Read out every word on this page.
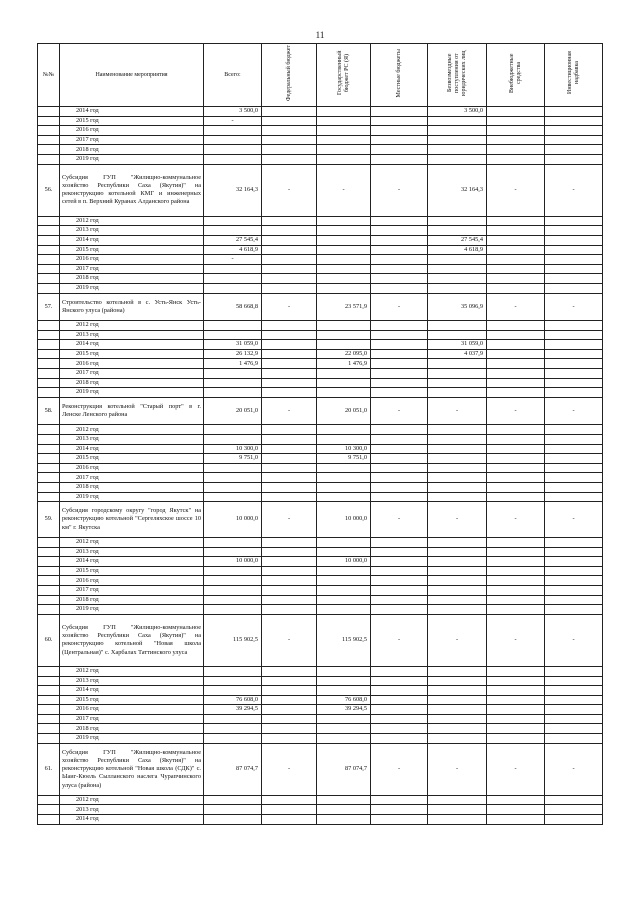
11
№№	Наименование мероприятия	Всего:	Федеральный бюджет	Государственный бюджет РС (Я)	Местные бюджеты	Безвозмездные поступления от юридических лиц	Внебюджетные средства	Инвестиционная надбавка
	2014 год	3 500,0				3 500,0		
	2015 год	-						
	2016 год							
	2017 год							
	2018 год							
	2019 год							
56.	Субсидия ГУП "Жилищно-коммунальное хозяйство Республики Саха (Якутия)" на реконструкцию котельной КМГ и инженерных сетей в п. Верхний Куранах Алданского района	32 164,3	-	-	-	32 164,3	-	-
	2012 год							
	2013 год							
	2014 год	27 545,4				27 545,4		
	2015 год	4 618,9				4 618,9		
	2016 год	-						
	2017 год							
	2018 год							
	2019 год							
57.	Строительство котельной в с. Усть-Янск Усть-Янского улуса (района)	58 668,8	-	23 571,9	-	35 096,9	-	-
	2012 год							
	2013 год							
	2014 год	31 059,0				31 059,0		
	2015 год	26 132,9		22 095,0		4 037,9		
	2016 год	1 476,9		1 476,9				
	2017 год							
	2018 год							
	2019 год							
58.	Реконструкция котельной "Старый порт" в г. Ленске Ленского района	20 051,0	-	20 051,0	-	-	-	-
	2012 год							
	2013 год							
	2014 год	10 300,0		10 300,0				
	2015 год	9 751,0		9 751,0				
	2016 год							
	2017 год							
	2018 год							
	2019 год							
59.	Субсидия городскому округу "город Якутск" на реконструкцию котельной "Сергеляхское шоссе 10 км" г. Якутска	10 000,0	-	10 000,0	-	-	-	-
	2012 год							
	2013 год							
	2014 год	10 000,0		10 000,0				
	2015 год							
	2016 год							
	2017 год							
	2018 год							
	2019 год							
60.	Субсидия ГУП "Жилищно-коммунальное хозяйство Республики Саха (Якутия)" на реконструкцию котельной "Новая школа (Центральная)" с. Харбалах Таттинского улуса	115 902,5	-	115 902,5	-	-	-	-
	2012 год							
	2013 год							
	2014 год							
	2015 год	76 608,0		76 608,0				
	2016 год	39 294,5		39 294,5				
	2017 год							
	2018 год							
	2019 год							
61.	Субсидия ГУП "Жилищно-коммунальное хозяйство Республики Саха (Якутия)" на реконструкцию котельной "Новая школа (СДК)" с. Ыаиг-Кюель Сылланского наслега Чурапчинского улуса (района)	87 074,7	-	87 074,7	-	-	-	-
	2012 год							
	2013 год							
	2014 год							
